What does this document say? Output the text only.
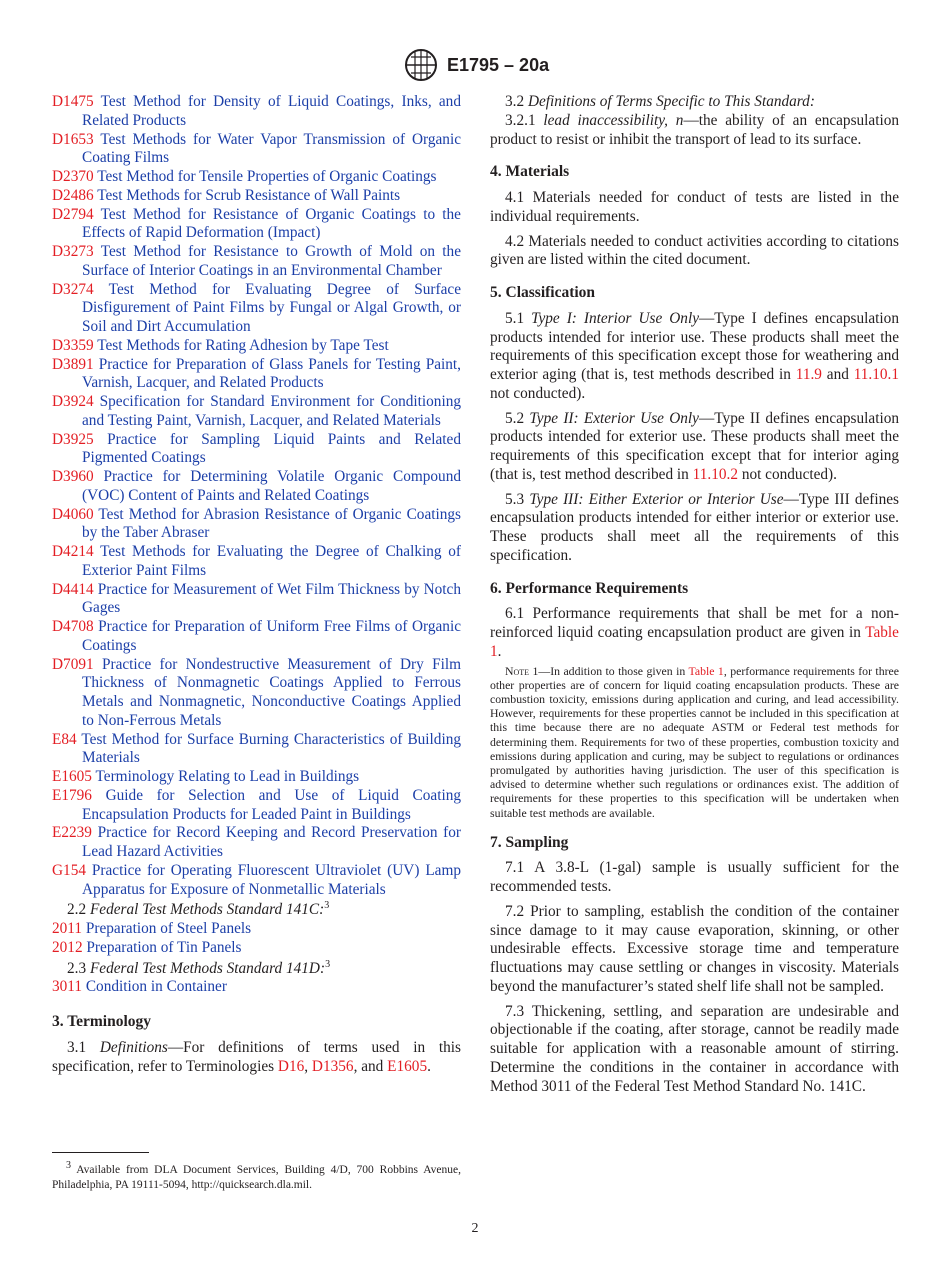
E1795 – 20a

D1475 Test Method for Density of Liquid Coatings, Inks, and Related Products

D1653 Test Methods for Water Vapor Transmission of Organic Coating Films

D2370 Test Method for Tensile Properties of Organic Coatings

D2486 Test Methods for Scrub Resistance of Wall Paints

D2794 Test Method for Resistance of Organic Coatings to the Effects of Rapid Deformation (Impact)

D3273 Test Method for Resistance to Growth of Mold on the Surface of Interior Coatings in an Environmental Chamber

D3274 Test Method for Evaluating Degree of Surface Disfigurement of Paint Films by Fungal or Algal Growth, or Soil and Dirt Accumulation

D3359 Test Methods for Rating Adhesion by Tape Test

D3891 Practice for Preparation of Glass Panels for Testing Paint, Varnish, Lacquer, and Related Products

D3924 Specification for Standard Environment for Conditioning and Testing Paint, Varnish, Lacquer, and Related Materials

D3925 Practice for Sampling Liquid Paints and Related Pigmented Coatings

D3960 Practice for Determining Volatile Organic Compound (VOC) Content of Paints and Related Coatings

D4060 Test Method for Abrasion Resistance of Organic Coatings by the Taber Abraser

D4214 Test Methods for Evaluating the Degree of Chalking of Exterior Paint Films

D4414 Practice for Measurement of Wet Film Thickness by Notch Gages

D4708 Practice for Preparation of Uniform Free Films of Organic Coatings

D7091 Practice for Nondestructive Measurement of Dry Film Thickness of Nonmagnetic Coatings Applied to Ferrous Metals and Nonmagnetic, Nonconductive Coatings Applied to Non-Ferrous Metals

E84 Test Method for Surface Burning Characteristics of Building Materials

E1605 Terminology Relating to Lead in Buildings

E1796 Guide for Selection and Use of Liquid Coating Encapsulation Products for Leaded Paint in Buildings

E2239 Practice for Record Keeping and Record Preservation for Lead Hazard Activities

G154 Practice for Operating Fluorescent Ultraviolet (UV) Lamp Apparatus for Exposure of Nonmetallic Materials

2.2 Federal Test Methods Standard 141C:$^3$

2011 Preparation of Steel Panels

2012 Preparation of Tin Panels

2.3 Federal Test Methods Standard 141D:$^3$

3011 Condition in Container

3. Terminology

3.1 Definitions—For definitions of terms used in this specification, refer to Terminologies D16, D1356, and E1605.

3.2 Definitions of Terms Specific to This Standard:

3.2.1 lead inaccessibility, n—the ability of an encapsulation product to resist or inhibit the transport of lead to its surface.

4. Materials

4.1 Materials needed for conduct of tests are listed in the individual requirements.

4.2 Materials needed to conduct activities according to citations given are listed within the cited document.

5. Classification

5.1 Type I: Interior Use Only—Type I defines encapsulation products intended for interior use. These products shall meet the requirements of this specification except those for weathering and exterior aging (that is, test methods described in 11.9 and 11.10.1 not conducted).

5.2 Type II: Exterior Use Only—Type II defines encapsulation products intended for exterior use. These products shall meet the requirements of this specification except that for interior aging (that is, test method described in 11.10.2 not conducted).

5.3 Type III: Either Exterior or Interior Use—Type III defines encapsulation products intended for either interior or exterior use. These products shall meet all the requirements of this specification.

6. Performance Requirements

6.1 Performance requirements that shall be met for a non-reinforced liquid coating encapsulation product are given in Table 1.

Note 1—In addition to those given in Table 1, performance requirements for three other properties are of concern for liquid coating encapsulation products. These are combustion toxicity, emissions during application and curing, and lead accessibility. However, requirements for these properties cannot be included in this specification at this time because there are no adequate ASTM or Federal test methods for determining them. Requirements for two of these properties, combustion toxicity and emissions during application and curing, may be subject to regulations or ordinances promulgated by authorities having jurisdiction. The user of this specification is advised to determine whether such regulations or ordinances exist. The addition of requirements for these properties to this specification will be undertaken when suitable test methods are available.

7. Sampling

7.1 A 3.8-L (1-gal) sample is usually sufficient for the recommended tests.

7.2 Prior to sampling, establish the condition of the container since damage to it may cause evaporation, skinning, or other undesirable effects. Excessive storage time and temperature fluctuations may cause settling or changes in viscosity. Materials beyond the manufacturer’s stated shelf life shall not be sampled.

7.3 Thickening, settling, and separation are undesirable and objectionable if the coating, after storage, cannot be readily made suitable for application with a reasonable amount of stirring. Determine the conditions in the container in accordance with Method 3011 of the Federal Test Method Standard No. 141C.

$^3$ Available from DLA Document Services, Building 4/D, 700 Robbins Avenue, Philadelphia, PA 19111-5094, http://quicksearch.dla.mil.
2
